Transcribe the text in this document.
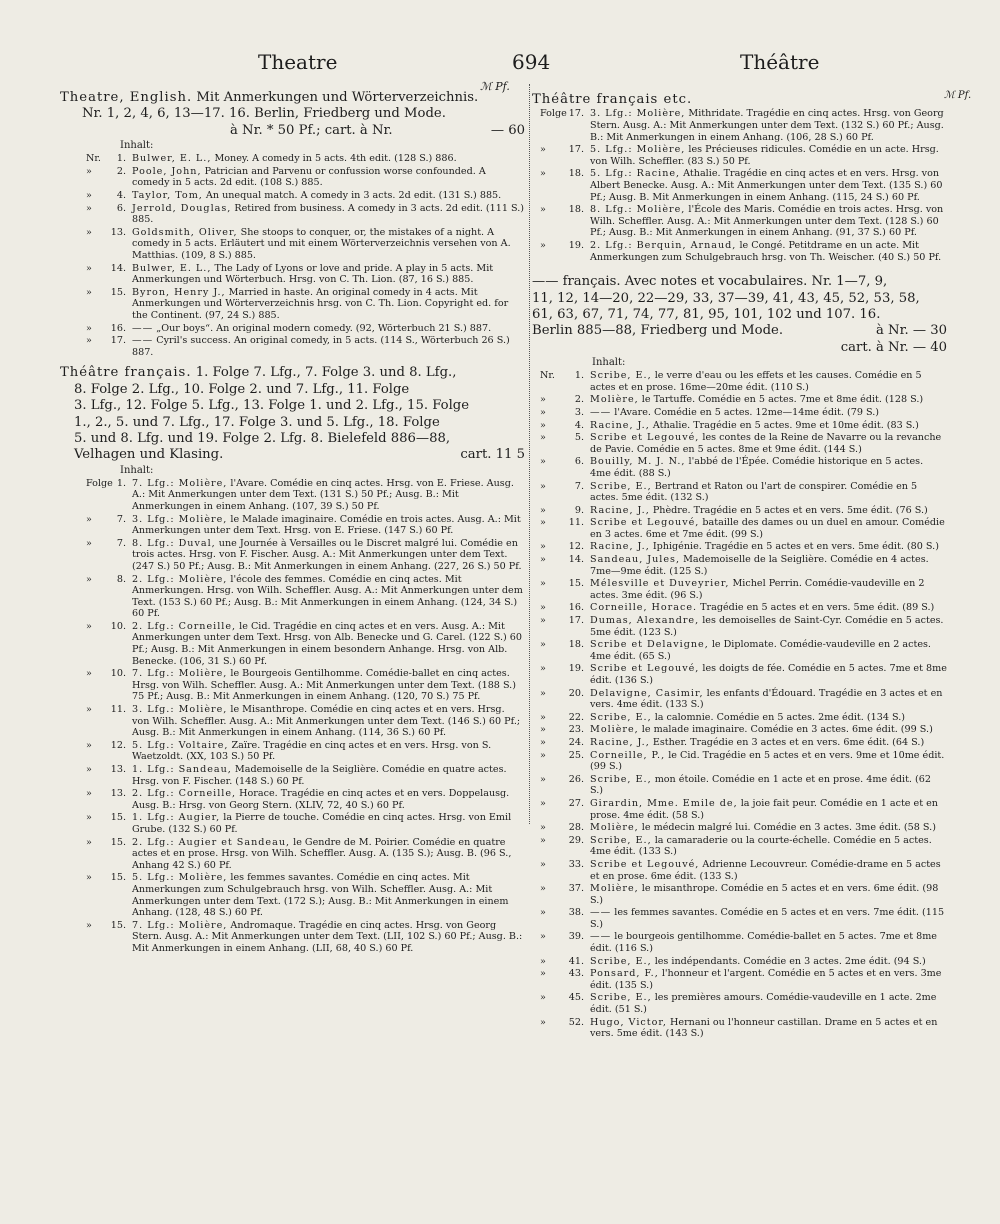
Theatre	694	Théâtre
ℳ Pf.
ℳ Pf.
Theatre, English. Mit Anmerkungen und Wörterverzeichnis.
Nr. 1, 2, 4, 6, 13—17. 16. Berlin, Friedberg und Mode.
à Nr. * 50 Pf.; cart. à Nr.	— 60
Inhalt:
Nr. 1. Bulwer, E. L., Money. A comedy in 5 acts. 4th edit. (128 S.) 886.
»	2. Poole, John, Patrician and Parvenu or confussion worse confounded. A comedy in 5 acts. 2d edit. (108 S.) 885.
»	4. Taylor, Tom, An unequal match. A comedy in 3 acts. 2d edit. (131 S.) 885.
»	6. Jerrold, Douglas, Retired from business. A comedy in 3 acts. 2d edit. (111 S.) 885.
» 13. Goldsmith, Oliver, She stoops to conquer, or, the mistakes of a night. A comedy in 5 acts. Erläutert und mit einem Wörterverzeichnis versehen von A. Matthias. (109, 8 S.) 885.
» 14. Bulwer, E. L., The Lady of Lyons or love and pride. A play in 5 acts. Mit Anmerkungen und Wörterbuch. Hrsg. von C. Th. Lion. (87, 16 S.) 885.
» 15. Byron, Henry J., Married in haste. An original comedy in 4 acts. Mit Anmerkungen und Wörterverzeichnis hrsg. von C. Th. Lion. Copyright ed. for the Continent. (97, 24 S.) 885.
» 16. —— „Our boys“. An original modern comedy. (92, Wörterbuch 21 S.) 887.
» 17. —— Cyril's success. An original comedy, in 5 acts. (114 S., Wörterbuch 26 S.) 887.
Théâtre français. 1. Folge 7. Lfg., 7. Folge 3. und 8. Lfg.,
8. Folge 2. Lfg., 10. Folge 2. und 7. Lfg., 11. Folge
3. Lfg., 12. Folge 5. Lfg., 13. Folge 1. und 2. Lfg., 15. Folge
1., 2., 5. und 7. Lfg., 17. Folge 3. und 5. Lfg., 18. Folge
5. und 8. Lfg. und 19. Folge 2. Lfg. 8. Bielefeld 886—88,
Velhagen und Klasing.	cart. 11 5
Inhalt:
Folge 1. 7. Lfg.: Molière, l'Avare. Comédie en cinq actes. Hrsg. von E. Friese. Ausg. A.: Mit Anmerkungen unter dem Text. (131 S.) 50 Pf.; Ausg. B.: Mit Anmerkungen in einem Anhang. (107, 39 S.) 50 Pf.
»	7. 3. Lfg.: Molière, le Malade imaginaire. Comédie en trois actes. Ausg. A.: Mit Anmerkungen unter dem Text. Hrsg. von E. Friese. (147 S.) 60 Pf.
»	7. 8. Lfg.: Duval, une Journée à Versailles ou le Discret malgré lui. Comédie en trois actes. Hrsg. von F. Fischer. Ausg. A.: Mit Anmerkungen unter dem Text. (247 S.) 50 Pf.; Ausg. B.: Mit Anmerkungen in einem Anhang. (227, 26 S.) 50 Pf.
»	8. 2. Lfg.: Molière, l'école des femmes. Comédie en cinq actes. Mit Anmerkungen. Hrsg. von Wilh. Scheffler. Ausg. A.: Mit Anmerkungen unter dem Text. (153 S.) 60 Pf.; Ausg. B.: Mit Anmerkungen in einem Anhang. (124, 34 S.) 60 Pf.
» 10. 2. Lfg.: Corneille, le Cid. Tragédie en cinq actes et en vers. Ausg. A.: Mit Anmerkungen unter dem Text. Hrsg. von Alb. Benecke und G. Carel. (122 S.) 60 Pf.; Ausg. B.: Mit Anmerkungen in einem besondern Anhange. Hrsg. von Alb. Benecke. (106, 31 S.) 60 Pf.
» 10. 7. Lfg.: Molière, le Bourgeois Gentilhomme. Comédie-ballet en cinq actes. Hrsg. von Wilh. Scheffler. Ausg. A.: Mit Anmerkungen unter dem Text. (188 S.) 75 Pf.; Ausg. B.: Mit Anmerkungen in einem Anhang. (120, 70 S.) 75 Pf.
» 11. 3. Lfg.: Molière, le Misanthrope. Comédie en cinq actes et en vers. Hrsg. von Wilh. Scheffler. Ausg. A.: Mit Anmerkungen unter dem Text. (146 S.) 60 Pf.; Ausg. B.: Mit Anmerkungen in einem Anhang. (114, 36 S.) 60 Pf.
» 12. 5. Lfg.: Voltaire, Zaïre. Tragédie en cinq actes et en vers. Hrsg. von S. Waetzoldt. (XX, 103 S.) 50 Pf.
» 13. 1. Lfg.: Sandeau, Mademoiselle de la Seiglière. Comédie en quatre actes. Hrsg. von F. Fischer. (148 S.) 60 Pf.
» 13. 2. Lfg.: Corneille, Horace. Tragédie en cinq actes et en vers. Doppelausg. Ausg. B.: Hrsg. von Georg Stern. (XLIV, 72, 40 S.) 60 Pf.
» 15. 1. Lfg.: Augier, la Pierre de touche. Comédie en cinq actes. Hrsg. von Emil Grube. (132 S.) 60 Pf.
» 15. 2. Lfg.: Augier et Sandeau, le Gendre de M. Poirier. Comédie en quatre actes et en prose. Hrsg. von Wilh. Scheffler. Ausg. A. (135 S.); Ausg. B. (96 S., Anhang 42 S.) 60 Pf.
» 15. 5. Lfg.: Molière, les femmes savantes. Comédie en cinq actes. Mit Anmerkungen zum Schulgebrauch hrsg. von Wilh. Scheffler. Ausg. A.: Mit Anmerkungen unter dem Text. (172 S.); Ausg. B.: Mit Anmerkungen in einem Anhang. (128, 48 S.) 60 Pf.
» 15. 7. Lfg.: Molière, Andromaque. Tragédie en cinq actes. Hrsg. von Georg Stern. Ausg. A.: Mit Anmerkungen unter dem Text. (LII, 102 S.) 60 Pf.; Ausg. B.: Mit Anmerkungen in einem Anhang. (LII, 68, 40 S.) 60 Pf.
Théâtre français etc.
Folge 17. 3. Lfg.: Molière, Mithridate. Tragédie en cinq actes. Hrsg. von Georg Stern. Ausg. A.: Mit Anmerkungen unter dem Text. (132 S.) 60 Pf.; Ausg. B.: Mit Anmerkungen in einem Anhang. (106, 28 S.) 60 Pf.
» 17. 5. Lfg.: Molière, les Précieuses ridicules. Comédie en un acte. Hrsg. von Wilh. Scheffler. (83 S.) 50 Pf.
» 18. 5. Lfg.: Racine, Athalie. Tragédie en cinq actes et en vers. Hrsg. von Albert Benecke. Ausg. A.: Mit Anmerkungen unter dem Text. (135 S.) 60 Pf.; Ausg. B. Mit Anmerkungen in einem Anhang. (115, 24 S.) 60 Pf.
» 18. 8. Lfg.: Molière, l'École des Maris. Comédie en trois actes. Hrsg. von Wilh. Scheffler. Ausg. A.: Mit Anmerkungen unter dem Text. (128 S.) 60 Pf.; Ausg. B.: Mit Anmerkungen in einem Anhang. (91, 37 S.) 60 Pf.
» 19. 2. Lfg.: Berquin, Arnaud, le Congé. Petitdrame en un acte. Mit Anmerkungen zum Schulgebrauch hrsg. von Th. Weischer. (40 S.) 50 Pf.
—— français. Avec notes et vocabulaires. Nr. 1—7, 9,
11, 12, 14—20, 22—29, 33, 37—39, 41, 43, 45, 52, 53, 58,
61, 63, 67, 71, 74, 77, 81, 95, 101, 102 und 107. 16.
Berlin 885—88, Friedberg und Mode.	à Nr. — 30

cart. à Nr. — 40

Inhalt:
Nr. 1. Scribe, E., le verre d'eau ou les effets et les causes. Comédie en 5 actes et en prose. 16me—20me édit. (110 S.)
»	2. Molière, le Tartuffe. Comédie en 5 actes. 7me et 8me édit. (128 S.)
»	3. —— l'Avare. Comédie en 5 actes. 12me—14me édit. (79 S.)
»	4. Racine, J., Athalie. Tragédie en 5 actes. 9me et 10me édit. (83 S.)
»	5. Scribe et Legouvé, les contes de la Reine de Navarre ou la revanche de Pavie. Comédie en 5 actes. 8me et 9me édit. (144 S.)
»	6. Bouilly, M. J. N., l'abbé de l'Épée. Comédie historique en 5 actes. 4me édit. (88 S.)
»	7. Scribe, E., Bertrand et Raton ou l'art de conspirer. Comédie en 5 actes. 5me édit. (132 S.)
»	9. Racine, J., Phèdre. Tragédie en 5 actes et en vers. 5me édit. (76 S.)
» 11. Scribe et Legouvé, bataille des dames ou un duel en amour. Comédie en 3 actes. 6me et 7me édit. (99 S.)
» 12. Racine, J., Iphigénie. Tragédie en 5 actes et en vers. 5me édit. (80 S.)
» 14. Sandeau, Jules, Mademoiselle de la Seiglière. Comédie en 4 actes. 7me—9me édit. (125 S.)
» 15. Mélesville et Duveyrier, Michel Perrin. Comédie-vaudeville en 2 actes. 3me édit. (96 S.)
» 16. Corneille, Horace. Tragédie en 5 actes et en vers. 5me édit. (89 S.)
» 17. Dumas, Alexandre, les demoiselles de Saint-Cyr. Comédie en 5 actes. 5me édit. (123 S.)
» 18. Scribe et Delavigne, le Diplomate. Comédie-vaudeville en 2 actes. 4me édit. (65 S.)
» 19. Scribe et Legouvé, les doigts de fée. Comédie en 5 actes. 7me et 8me édit. (136 S.)
» 20. Delavigne, Casimir, les enfants d'Édouard. Tragédie en 3 actes et en vers. 4me édit. (133 S.)
» 22. Scribe, E., la calomnie. Comédie en 5 actes. 2me édit. (134 S.)
» 23. Molière, le malade imaginaire. Comédie en 3 actes. 6me édit. (99 S.)
» 24. Racine, J., Esther. Tragédie en 3 actes et en vers. 6me édit. (64 S.)
» 25. Corneille, P., le Cid. Tragédie en 5 actes et en vers. 9me et 10me édit. (99 S.)
» 26. Scribe, E., mon étoile. Comédie en 1 acte et en prose. 4me édit. (62 S.)
» 27. Girardin, Mme. Emile de, la joie fait peur. Comédie en 1 acte et en prose. 4me édit. (58 S.)
» 28. Molière, le médecin malgré lui. Comédie en 3 actes. 3me édit. (58 S.)
» 29. Scribe, E., la camaraderie ou la courte-échelle. Comédie en 5 actes. 4me édit. (133 S.)
» 33. Scribe et Legouvé, Adrienne Lecouvreur. Comédie-drame en 5 actes et en prose. 6me édit. (133 S.)
» 37. Molière, le misanthrope. Comédie en 5 actes et en vers. 6me édit. (98 S.)
» 38. —— les femmes savantes. Comédie en 5 actes et en vers. 7me édit. (115 S.)
» 39. —— le bourgeois gentilhomme. Comédie-ballet en 5 actes. 7me et 8me édit. (116 S.)
» 41. Scribe, E., les indépendants. Comédie en 3 actes. 2me édit. (94 S.)
» 43. Ponsard, F., l'honneur et l'argent. Comédie en 5 actes et en vers. 3me édit. (135 S.)
» 45. Scribe, E., les premières amours. Comédie-vaudeville en 1 acte. 2me édit. (51 S.)
» 52. Hugo, Victor, Hernani ou l'honneur castillan. Drame en 5 actes et en vers. 5me édit. (143 S.)
